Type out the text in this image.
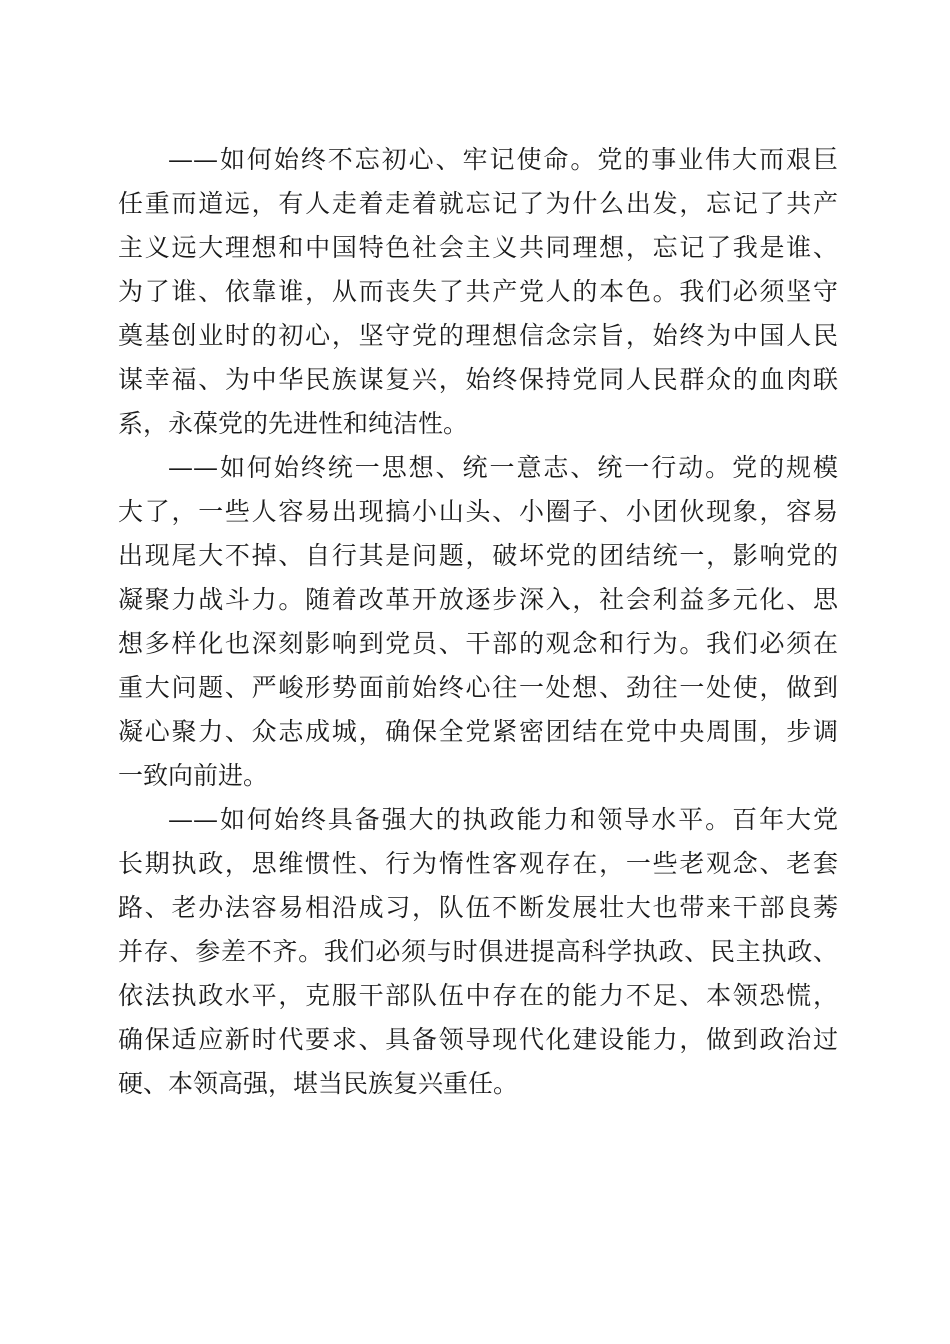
——如何始终不忘初心、牢记使命。党的事业伟大而艰巨
任重而道远，有人走着走着就忘记了为什么出发，忘记了共产
主义远大理想和中国特色社会主义共同理想，忘记了我是谁、
为了谁、依靠谁，从而丧失了共产党人的本色。我们必须坚守
奠基创业时的初心，坚守党的理想信念宗旨，始终为中国人民
谋幸福、为中华民族谋复兴，始终保持党同人民群众的血肉联
系，永葆党的先进性和纯洁性。
——如何始终统一思想、统一意志、统一行动。党的规模
大了，一些人容易出现搞小山头、小圈子、小团伙现象，容易
出现尾大不掉、自行其是问题，破坏党的团结统一，影响党的
凝聚力战斗力。随着改革开放逐步深入，社会利益多元化、思
想多样化也深刻影响到党员、干部的观念和行为。我们必须在
重大问题、严峻形势面前始终心往一处想、劲往一处使，做到
凝心聚力、众志成城，确保全党紧密团结在党中央周围，步调
一致向前进。
——如何始终具备强大的执政能力和领导水平。百年大党
长期执政，思维惯性、行为惰性客观存在，一些老观念、老套
路、老办法容易相沿成习，队伍不断发展壮大也带来干部良莠
并存、参差不齐。我们必须与时俱进提高科学执政、民主执政、
依法执政水平，克服干部队伍中存在的能力不足、本领恐慌，
确保适应新时代要求、具备领导现代化建设能力，做到政治过
硬、本领高强，堪当民族复兴重任。
